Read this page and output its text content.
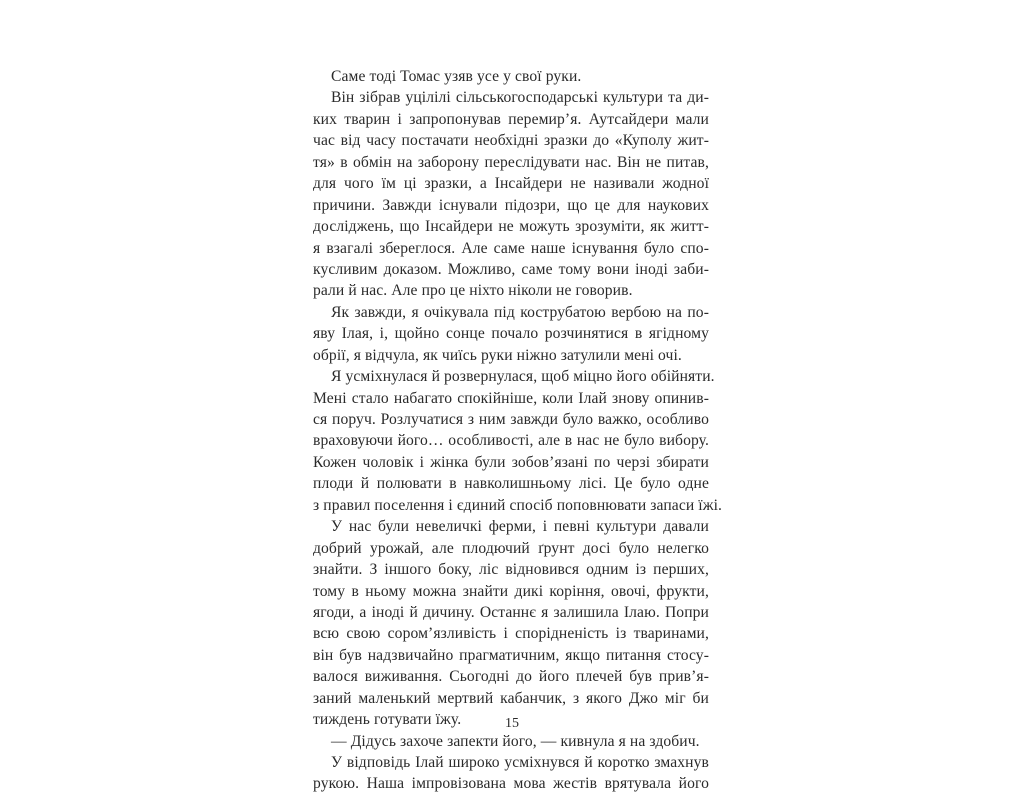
Саме тоді Томас узяв усе у свої руки.
Він зібрав уцілілі сільськогосподарські культури та ди-
ких тварин і запропонував перемир’я. Аутсайдери мали
час від часу постачати необхідні зразки до «Куполу жит-
тя» в обмін на заборону переслідувати нас. Він не питав,
для чого їм ці зразки, а Інсайдери не називали жодної
причини. Завжди існували підозри, що це для наукових
досліджень, що Інсайдери не можуть зрозуміти, як житт-
я взагалі збереглося. Але саме наше існування було спо-
кусливим доказом. Можливо, саме тому вони іноді заби-
рали й нас. Але про це ніхто ніколи не говорив.
Як завжди, я очікувала під кострубатою вербою на по-
яву Ілая, і, щойно сонце почало розчинятися в ягідному
обрії, я відчула, як чиїсь руки ніжно затулили мені очі.
Я усміхнулася й розвернулася, щоб міцно його обійняти.
Мені стало набагато спокійніше, коли Ілай знову опинив-
ся поруч. Розлучатися з ним завжди було важко, особливо
враховуючи його… особливості, але в нас не було вибору.
Кожен чоловік і жінка були зобов’язані по черзі збирати
плоди й полювати в навколишньому лісі. Це було одне
з правил поселення і єдиний спосіб поповнювати запаси їжі.
У нас були невеличкі ферми, і певні культури давали
добрий урожай, але плодючий ґрунт досі було нелегко
знайти. З іншого боку, ліс відновився одним із перших,
тому в ньому можна знайти дикі коріння, овочі, фрукти,
ягоди, а іноді й дичину. Останнє я залишила Ілаю. Попри
всю свою сором’язливість і спорідненість із тваринами,
він був надзвичайно прагматичним, якщо питання стосу-
валося виживання. Сьогодні до його плечей був прив’я-
заний маленький мертвий кабанчик, з якого Джо міг би
тиждень готувати їжу.
— Дідусь захоче запекти його, — кивнула я на здобич.
У відповідь Ілай широко усміхнувся й коротко змахнув
рукою. Наша імпровізована мова жестів врятувала його
15
